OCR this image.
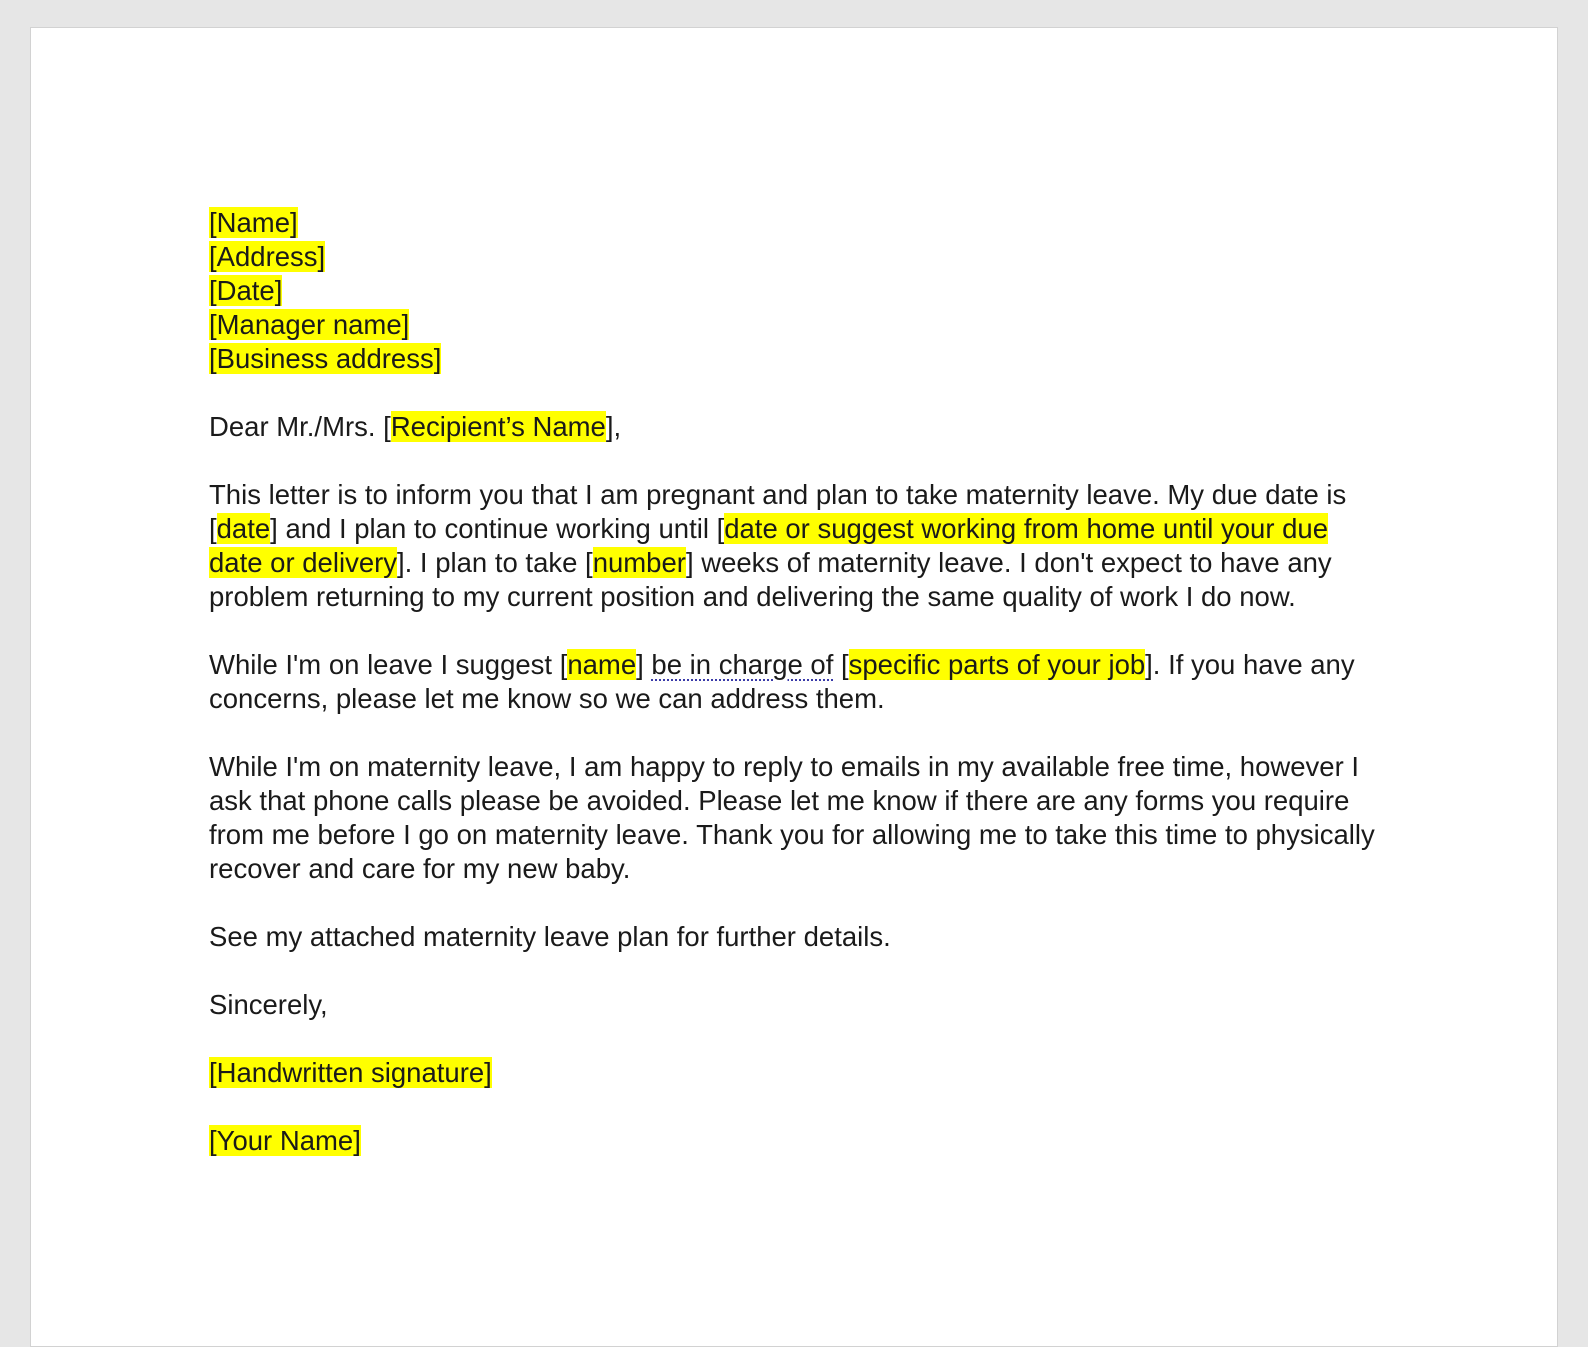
[Name]
[Address]
[Date]
[Manager name]
[Business address]

Dear Mr./Mrs. [Recipient’s Name],

This letter is to inform you that I am pregnant and plan to take maternity leave. My due date is [date] and I plan to continue working until [date or suggest working from home until your due date or delivery]. I plan to take [number] weeks of maternity leave. I don't expect to have any problem returning to my current position and delivering the same quality of work I do now.

While I'm on leave I suggest [name] be in charge of [specific parts of your job]. If you have any concerns, please let me know so we can address them.

While I'm on maternity leave, I am happy to reply to emails in my available free time, however I ask that phone calls please be avoided. Please let me know if there are any forms you require from me before I go on maternity leave. Thank you for allowing me to take this time to physically recover and care for my new baby.

See my attached maternity leave plan for further details.

Sincerely,

[Handwritten signature]

[Your Name]
